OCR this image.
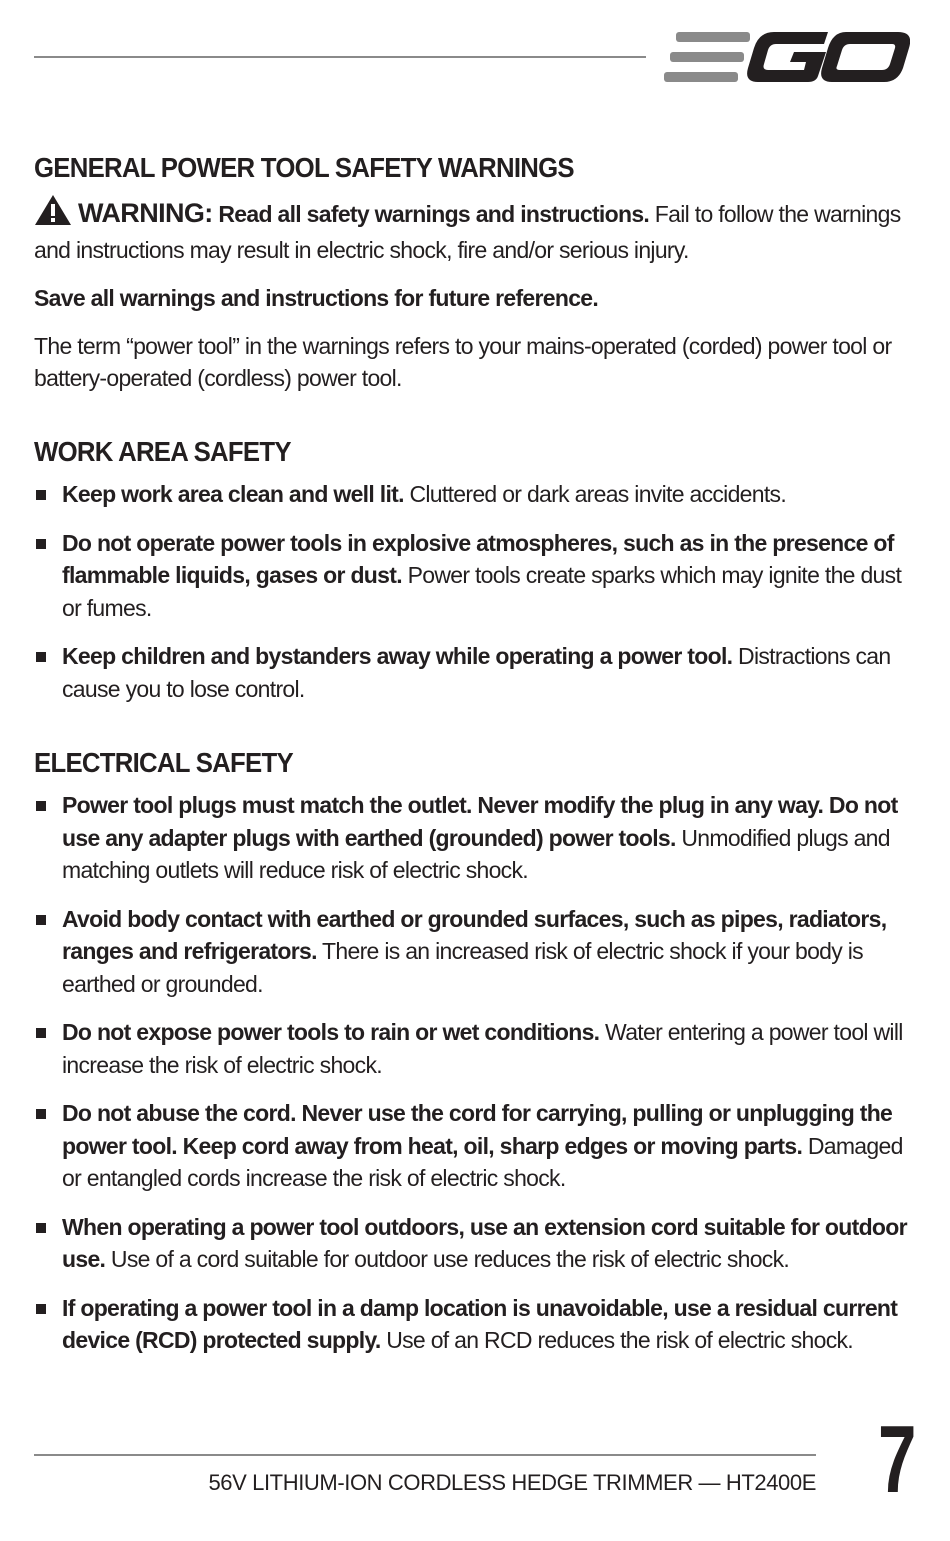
GENERAL POWER TOOL SAFETY WARNINGS

WARNING: Read all safety warnings and instructions. Fail to follow the warnings and instructions may result in electric shock, fire and/or serious injury.

Save all warnings and instructions for future reference.

The term “power tool” in the warnings refers to your mains-operated (corded) power tool or battery-operated (cordless) power tool.

WORK AREA SAFETY
Keep work area clean and well lit. Cluttered or dark areas invite accidents.
Do not operate power tools in explosive atmospheres, such as in the presence of flammable liquids, gases or dust. Power tools create sparks which may ignite the dust or fumes.
Keep children and bystanders away while operating a power tool. Distractions can cause you to lose control.
ELECTRICAL SAFETY
Power tool plugs must match the outlet. Never modify the plug in any way. Do not use any adapter plugs with earthed (grounded) power tools. Unmodified plugs and matching outlets will reduce risk of electric shock.
Avoid body contact with earthed or grounded surfaces, such as pipes, radiators, ranges and refrigerators. There is an increased risk of electric shock if your body is earthed or grounded.
Do not expose power tools to rain or wet conditions. Water entering a power tool will increase the risk of electric shock.
Do not abuse the cord. Never use the cord for carrying, pulling or unplugging the power tool. Keep cord away from heat, oil, sharp edges or moving parts. Damaged or entangled cords increase the risk of electric shock.
When operating a power tool outdoors, use an extension cord suitable for outdoor use. Use of a cord suitable for outdoor use reduces the risk of electric shock.
If operating a power tool in a damp location is unavoidable, use a residual current device (RCD) protected supply. Use of an RCD reduces the risk of electric shock.
56V LITHIUM-ION CORDLESS HEDGE TRIMMER — HT2400E 7
